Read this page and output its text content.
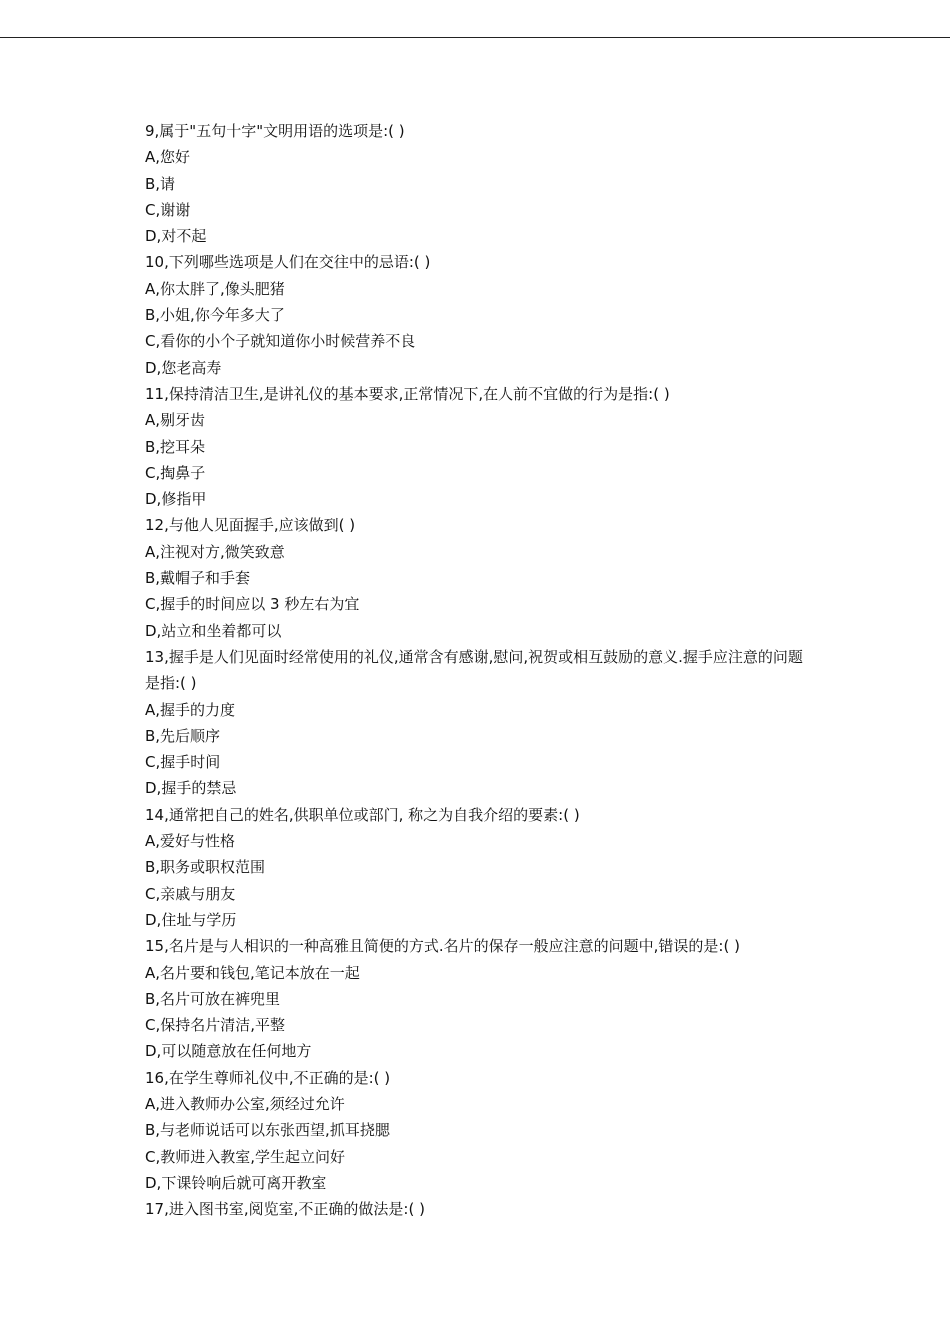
9,属于"五句十字"文明用语的选项是:( )
A,您好
B,请
C,谢谢
D,对不起
10,下列哪些选项是人们在交往中的忌语:( )
A,你太胖了,像头肥猪
B,小姐,你今年多大了
C,看你的小个子就知道你小时候营养不良
D,您老高寿
11,保持清洁卫生,是讲礼仪的基本要求,正常情况下,在人前不宜做的行为是指:( )
A,剔牙齿
B,挖耳朵
C,掏鼻子
D,修指甲
12,与他人见面握手,应该做到( )
A,注视对方,微笑致意
B,戴帽子和手套
C,握手的时间应以 3 秒左右为宜
D,站立和坐着都可以
13,握手是人们见面时经常使用的礼仪,通常含有感谢,慰问,祝贺或相互鼓励的意义.握手应注意的问题是指:( )
A,握手的力度
B,先后顺序
C,握手时间
D,握手的禁忌
14,通常把自己的姓名,供职单位或部门, 称之为自我介绍的要素:( )
A,爱好与性格
B,职务或职权范围
C,亲戚与朋友
D,住址与学历
15,名片是与人相识的一种高雅且简便的方式.名片的保存一般应注意的问题中,错误的是:( )
A,名片要和钱包,笔记本放在一起
B,名片可放在裤兜里
C,保持名片清洁,平整
D,可以随意放在任何地方
16,在学生尊师礼仪中,不正确的是:( )
A,进入教师办公室,须经过允许
B,与老师说话可以东张西望,抓耳挠腮
C,教师进入教室,学生起立问好
D,下课铃响后就可离开教室
17,进入图书室,阅览室,不正确的做法是:( )
